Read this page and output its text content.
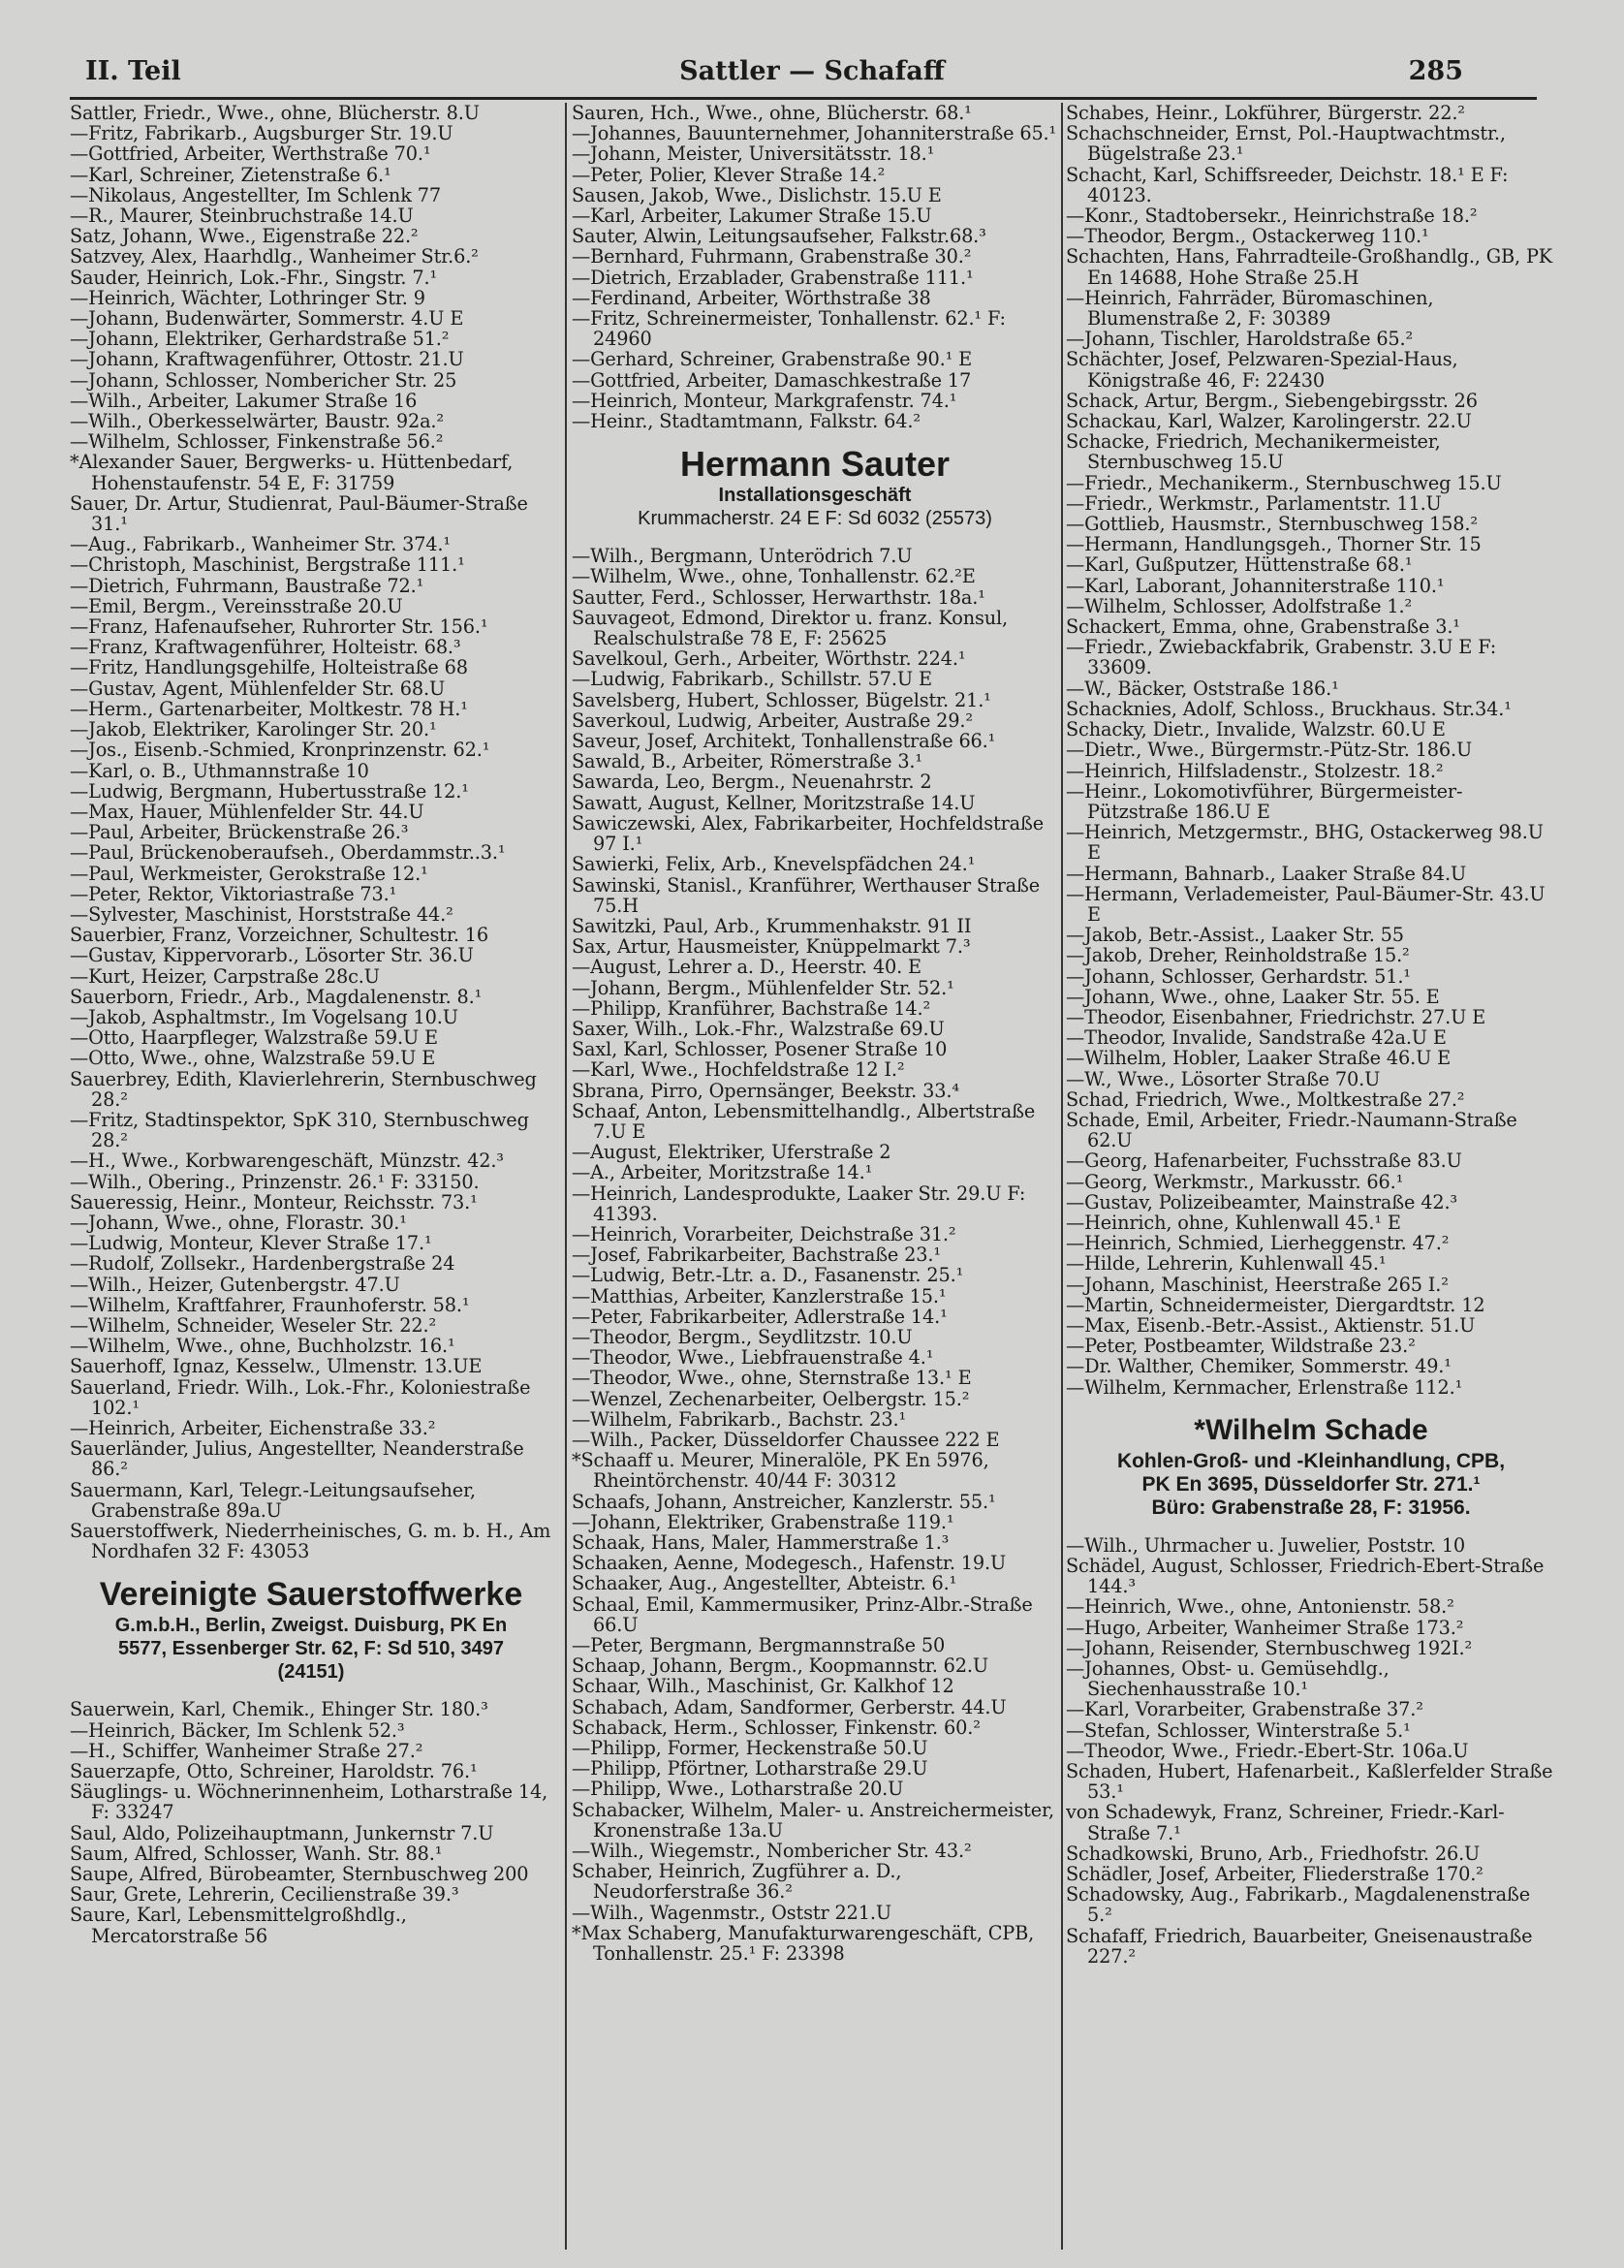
II. Teil	Sattler — Schafaff	285
Sattler, Friedr., Wwe., ohne, Blücherstr. 8.U
—Fritz, Fabrikarb., Augsburger Str. 19.U
—Gottfried, Arbeiter, Werthstraße 70.¹
—Karl, Schreiner, Zietenstraße 6.¹
—Nikolaus, Angestellter, Im Schlenk 77
—R., Maurer, Steinbruchstraße 14.U
Satz, Johann, Wwe., Eigenstraße 22.²
Satzvey, Alex, Haarhdlg., Wanheimer Str.6.²
Sauder, Heinrich, Lok.-Fhr., Singstr. 7.¹
—Heinrich, Wächter, Lothringer Str. 9
—Johann, Budenwärter, Sommerstr. 4.U E
—Johann, Elektriker, Gerhardstraße 51.²
—Johann, Kraftwagenführer, Ottostr. 21.U
—Johann, Schlosser, Nombericher Str. 25
—Wilh., Arbeiter, Lakumer Straße 16
—Wilh., Oberkesselwärter, Baustr. 92a.²
—Wilhelm, Schlosser, Finkenstraße 56.²
*Alexander Sauer, Bergwerks- u. Hüttenbedarf, Hohenstaufenstr. 54 E, F: 31759
Sauer, Dr. Artur, Studienrat, Paul-Bäumer-Straße 31.¹
—Aug., Fabrikarb., Wanheimer Str. 374.¹
—Christoph, Maschinist, Bergstraße 111.¹
—Dietrich, Fuhrmann, Baustraße 72.¹
—Emil, Bergm., Vereinsstraße 20.U
—Franz, Hafenaufseher, Ruhrorter Str. 156.¹
—Franz, Kraftwagenführer, Holteistr. 68.³
—Fritz, Handlungsgehilfe, Holteistraße 68
—Gustav, Agent, Mühlenfelder Str. 68.U
—Herm., Gartenarbeiter, Moltkestr. 78 H.¹
—Jakob, Elektriker, Karolinger Str. 20.¹
—Jos., Eisenb.-Schmied, Kronprinzenstr. 62.¹
—Karl, o. B., Uthmannstraße 10
—Ludwig, Bergmann, Hubertusstraße 12.¹
—Max, Hauer, Mühlenfelder Str. 44.U
—Paul, Arbeiter, Brückenstraße 26.³
—Paul, Brückenoberaufseh., Oberdammstr..3.¹
—Paul, Werkmeister, Gerokstraße 12.¹
—Peter, Rektor, Viktoriastraße 73.¹
—Sylvester, Maschinist, Horststraße 44.²
Sauerbier, Franz, Vorzeichner, Schultestr. 16
—Gustav, Kippervorarb., Lösorter Str. 36.U
—Kurt, Heizer, Carpstraße 28c.U
Sauerborn, Friedr., Arb., Magdalenenstr. 8.¹
—Jakob, Asphaltmstr., Im Vogelsang 10.U
—Otto, Haarpfleger, Walzstraße 59.U E
—Otto, Wwe., ohne, Walzstraße 59.U E
Sauerbrey, Edith, Klavierlehrerin, Sternbuschweg 28.²
—Fritz, Stadtinspektor, SpK 310, Sternbuschweg 28.²
—H., Wwe., Korbwarengeschäft, Münzstr. 42.³
—Wilh., Obering., Prinzenstr. 26.¹ F: 33150.
Saueressig, Heinr., Monteur, Reichsstr. 73.¹
—Johann, Wwe., ohne, Florastr. 30.¹
—Ludwig, Monteur, Klever Straße 17.¹
—Rudolf, Zollsekr., Hardenbergstraße 24
—Wilh., Heizer, Gutenbergstr. 47.U
—Wilhelm, Kraftfahrer, Fraunhoferstr. 58.¹
—Wilhelm, Schneider, Weseler Str. 22.²
—Wilhelm, Wwe., ohne, Buchholzstr. 16.¹
Sauerhoff, Ignaz, Kesselw., Ulmenstr. 13.UE
Sauerland, Friedr. Wilh., Lok.-Fhr., Koloniestraße 102.¹
—Heinrich, Arbeiter, Eichenstraße 33.²
Sauerländer, Julius, Angestellter, Neanderstraße 86.²
Sauermann, Karl, Telegr.-Leitungsaufseher, Grabenstraße 89a.U
Sauerstoffwerk, Niederrheinisches, G. m. b. H., Am Nordhafen 32 F: 43053
Vereinigte Sauerstoffwerke
G.m.b.H., Berlin, Zweigst. Duisburg, PK En
5577, Essenberger Str. 62, F: Sd 510, 3497
(24151)
Sauerwein, Karl, Chemik., Ehinger Str. 180.³
—Heinrich, Bäcker, Im Schlenk 52.³
—H., Schiffer, Wanheimer Straße 27.²
Sauerzapfe, Otto, Schreiner, Haroldstr. 76.¹
Säuglings- u. Wöchnerinnenheim, Lotharstraße 14, F: 33247
Saul, Aldo, Polizeihauptmann, Junkernstr 7.U
Saum, Alfred, Schlosser, Wanh. Str. 88.¹
Saupe, Alfred, Bürobeamter, Sternbuschweg 200
Saur, Grete, Lehrerin, Cecilienstraße 39.³
Saure, Karl, Lebensmittelgroßhdlg., Mercatorstraße 56
Sauren, Hch., Wwe., ohne, Blücherstr. 68.¹
—Johannes, Bauunternehmer, Johanniterstraße 65.¹
—Johann, Meister, Universitätsstr. 18.¹
—Peter, Polier, Klever Straße 14.²
Sausen, Jakob, Wwe., Dislichstr. 15.U E
—Karl, Arbeiter, Lakumer Straße 15.U
Sauter, Alwin, Leitungsaufseher, Falkstr.68.³
—Bernhard, Fuhrmann, Grabenstraße 30.²
—Dietrich, Erzablader, Grabenstraße 111.¹
—Ferdinand, Arbeiter, Wörthstraße 38
—Fritz, Schreinermeister, Tonhallenstr. 62.¹ F: 24960
—Gerhard, Schreiner, Grabenstraße 90.¹ E
—Gottfried, Arbeiter, Damaschkestraße 17
—Heinrich, Monteur, Markgrafenstr. 74.¹
—Heinr., Stadtamtmann, Falkstr. 64.²
Hermann Sauter
Installationsgeschäft
Krummacherstr. 24 E F: Sd 6032 (25573)
—Wilh., Bergmann, Unterödrich 7.U
—Wilhelm, Wwe., ohne, Tonhallenstr. 62.²E
Sautter, Ferd., Schlosser, Herwarthstr. 18a.¹
Sauvageot, Edmond, Direktor u. franz. Konsul, Realschulstraße 78 E, F: 25625
Savelkoul, Gerh., Arbeiter, Wörthstr. 224.¹
—Ludwig, Fabrikarb., Schillstr. 57.U E
Savelsberg, Hubert, Schlosser, Bügelstr. 21.¹
Saverkoul, Ludwig, Arbeiter, Austraße 29.²
Saveur, Josef, Architekt, Tonhallenstraße 66.¹
Sawald, B., Arbeiter, Römerstraße 3.¹
Sawarda, Leo, Bergm., Neuenahrstr. 2
Sawatt, August, Kellner, Moritzstraße 14.U
Sawiczewski, Alex, Fabrikarbeiter, Hochfeldstraße 97 I.¹
Sawierki, Felix, Arb., Knevelspfädchen 24.¹
Sawinski, Stanisl., Kranführer, Werthauser Straße 75.H
Sawitzki, Paul, Arb., Krummenhakstr. 91 II
Sax, Artur, Hausmeister, Knüppelmarkt 7.³
—August, Lehrer a. D., Heerstr. 40. E
—Johann, Bergm., Mühlenfelder Str. 52.¹
—Philipp, Kranführer, Bachstraße 14.²
Saxer, Wilh., Lok.-Fhr., Walzstraße 69.U
Saxl, Karl, Schlosser, Posener Straße 10
—Karl, Wwe., Hochfeldstraße 12 I.²
Sbrana, Pirro, Opernsänger, Beekstr. 33.⁴
Schaaf, Anton, Lebensmittelhandlg., Albertstraße 7.U E
—August, Elektriker, Uferstraße 2
—A., Arbeiter, Moritzstraße 14.¹
—Heinrich, Landesprodukte, Laaker Str. 29.U F: 41393.
—Heinrich, Vorarbeiter, Deichstraße 31.²
—Josef, Fabrikarbeiter, Bachstraße 23.¹
—Ludwig, Betr.-Ltr. a. D., Fasanenstr. 25.¹
—Matthias, Arbeiter, Kanzlerstraße 15.¹
—Peter, Fabrikarbeiter, Adlerstraße 14.¹
—Theodor, Bergm., Seydlitzstr. 10.U
—Theodor, Wwe., Liebfrauenstraße 4.¹
—Theodor, Wwe., ohne, Sternstraße 13.¹ E
—Wenzel, Zechenarbeiter, Oelbergstr. 15.²
—Wilhelm, Fabrikarb., Bachstr. 23.¹
—Wilh., Packer, Düsseldorfer Chaussee 222 E
*Schaaff u. Meurer, Mineralöle, PK En 5976, Rheintörchenstr. 40/44 F: 30312
Schaafs, Johann, Anstreicher, Kanzlerstr. 55.¹
—Johann, Elektriker, Grabenstraße 119.¹
Schaak, Hans, Maler, Hammerstraße 1.³
Schaaken, Aenne, Modegesch., Hafenstr. 19.U
Schaaker, Aug., Angestellter, Abteistr. 6.¹
Schaal, Emil, Kammermusiker, Prinz-Albr.-Straße 66.U
—Peter, Bergmann, Bergmannstraße 50
Schaap, Johann, Bergm., Koopmannstr. 62.U
Schaar, Wilh., Maschinist, Gr. Kalkhof 12
Schabach, Adam, Sandformer, Gerberstr. 44.U
Schaback, Herm., Schlosser, Finkenstr. 60.²
—Philipp, Former, Heckenstraße 50.U
—Philipp, Pförtner, Lotharstraße 29.U
—Philipp, Wwe., Lotharstraße 20.U
Schabacker, Wilhelm, Maler- u. Anstreichermeister, Kronenstraße 13a.U
—Wilh., Wiegemstr., Nombericher Str. 43.²
Schaber, Heinrich, Zugführer a. D., Neudorferstraße 36.²
—Wilh., Wagenmstr., Oststr 221.U
*Max Schaberg, Manufakturwarengeschäft, CPB, Tonhallenstr. 25.¹ F: 23398
Schabes, Heinr., Lokführer, Bürgerstr. 22.²
Schachschneider, Ernst, Pol.-Hauptwachtmstr., Bügelstraße 23.¹
Schacht, Karl, Schiffsreeder, Deichstr. 18.¹ E F: 40123.
—Konr., Stadtobersekr., Heinrichstraße 18.²
—Theodor, Bergm., Ostackerweg 110.¹
Schachten, Hans, Fahrradteile-Großhandlg., GB, PK En 14688, Hohe Straße 25.H
—Heinrich, Fahrräder, Büromaschinen, Blumenstraße 2, F: 30389
—Johann, Tischler, Haroldstraße 65.²
Schächter, Josef, Pelzwaren-Spezial-Haus, Königstraße 46, F: 22430
Schack, Artur, Bergm., Siebengebirgsstr. 26
Schackau, Karl, Walzer, Karolingerstr. 22.U
Schacke, Friedrich, Mechanikermeister, Sternbuschweg 15.U
—Friedr., Mechanikerm., Sternbuschweg 15.U
—Friedr., Werkmstr., Parlamentstr. 11.U
—Gottlieb, Hausmstr., Sternbuschweg 158.²
—Hermann, Handlungsgeh., Thorner Str. 15
—Karl, Gußputzer, Hüttenstraße 68.¹
—Karl, Laborant, Johanniterstraße 110.¹
—Wilhelm, Schlosser, Adolfstraße 1.²
Schackert, Emma, ohne, Grabenstraße 3.¹
—Friedr., Zwiebackfabrik, Grabenstr. 3.U E F: 33609.
—W., Bäcker, Oststraße 186.¹
Schacknies, Adolf, Schloss., Bruckhaus. Str.34.¹
Schacky, Dietr., Invalide, Walzstr. 60.U E
—Dietr., Wwe., Bürgermstr.-Pütz-Str. 186.U
—Heinrich, Hilfsladenstr., Stolzestr. 18.²
—Heinr., Lokomotivführer, Bürgermeister-Pützstraße 186.U E
—Heinrich, Metzgermstr., BHG, Ostackerweg 98.U E
—Hermann, Bahnarb., Laaker Straße 84.U
—Hermann, Verlademeister, Paul-Bäumer-Str. 43.U E
—Jakob, Betr.-Assist., Laaker Str. 55
—Jakob, Dreher, Reinholdstraße 15.²
—Johann, Schlosser, Gerhardstr. 51.¹
—Johann, Wwe., ohne, Laaker Str. 55. E
—Theodor, Eisenbahner, Friedrichstr. 27.U E
—Theodor, Invalide, Sandstraße 42a.U E
—Wilhelm, Hobler, Laaker Straße 46.U E
—W., Wwe., Lösorter Straße 70.U
Schad, Friedrich, Wwe., Moltkestraße 27.²
Schade, Emil, Arbeiter, Friedr.-Naumann-Straße 62.U
—Georg, Hafenarbeiter, Fuchsstraße 83.U
—Georg, Werkmstr., Markusstr. 66.¹
—Gustav, Polizeibeamter, Mainstraße 42.³
—Heinrich, ohne, Kuhlenwall 45.¹ E
—Heinrich, Schmied, Lierheggenstr. 47.²
—Hilde, Lehrerin, Kuhlenwall 45.¹
—Johann, Maschinist, Heerstraße 265 I.²
—Martin, Schneidermeister, Diergardtstr. 12
—Max, Eisenb.-Betr.-Assist., Aktienstr. 51.U
—Peter, Postbeamter, Wildstraße 23.²
—Dr. Walther, Chemiker, Sommerstr. 49.¹
—Wilhelm, Kernmacher, Erlenstraße 112.¹
*Wilhelm Schade
Kohlen-Groß- und -Kleinhandlung, CPB,
PK En 3695, Düsseldorfer Str. 271.¹
Büro: Grabenstraße 28, F: 31956.
—Wilh., Uhrmacher u. Juwelier, Poststr. 10
Schädel, August, Schlosser, Friedrich-Ebert-Straße 144.³
—Heinrich, Wwe., ohne, Antonienstr. 58.²
—Hugo, Arbeiter, Wanheimer Straße 173.²
—Johann, Reisender, Sternbuschweg 192I.²
—Johannes, Obst- u. Gemüsehdlg., Siechenhausstraße 10.¹
—Karl, Vorarbeiter, Grabenstraße 37.²
—Stefan, Schlosser, Winterstraße 5.¹
—Theodor, Wwe., Friedr.-Ebert-Str. 106a.U
Schaden, Hubert, Hafenarbeit., Kaßlerfelder Straße 53.¹
von Schadewyk, Franz, Schreiner, Friedr.-Karl-Straße 7.¹
Schadkowski, Bruno, Arb., Friedhofstr. 26.U
Schädler, Josef, Arbeiter, Fliederstraße 170.²
Schadowsky, Aug., Fabrikarb., Magdalenenstraße 5.²
Schafaff, Friedrich, Bauarbeiter, Gneisenaustraße 227.²
